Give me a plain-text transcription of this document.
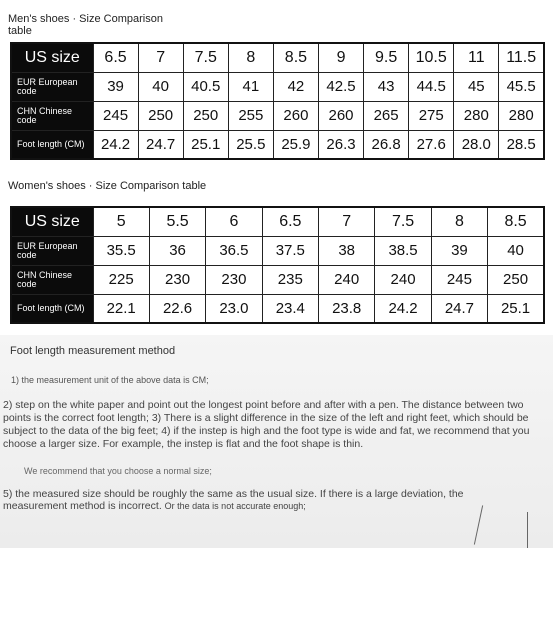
Men's shoes · Size Comparison table
US size	6.5	7	7.5	8	8.5	9	9.5	10.5	11	11.5
EUR European code	39	40	40.5	41	42	42.5	43	44.5	45	45.5
CHN Chinese code	245	250	250	255	260	260	265	275	280	280
Foot length (CM)	24.2	24.7	25.1	25.5	25.9	26.3	26.8	27.6	28.0	28.5
Women's shoes · Size Comparison table
US size	5	5.5	6	6.5	7	7.5	8	8.5
EUR European code	35.5	36	36.5	37.5	38	38.5	39	40
CHN Chinese code	225	230	230	235	240	240	245	250
Foot length (CM)	22.1	22.6	23.0	23.4	23.8	24.2	24.7	25.1
Foot length measurement method
1) the measurement unit of the above data is CM;
2) step on the white paper and point out the longest point before and after with a pen. The distance between two points is the correct foot length; 3) There is a slight difference in the size of the left and right feet, which should be subject to the data of the big feet; 4) if the instep is high and the foot type is wide and fat, we recommend that you choose a larger size. For example, the instep is flat and the foot shape is thin.
We recommend that you choose a normal size;
5) the measured size should be roughly the same as the usual size. If there is a large deviation, the measurement method is incorrect. Or the data is not accurate enough;
